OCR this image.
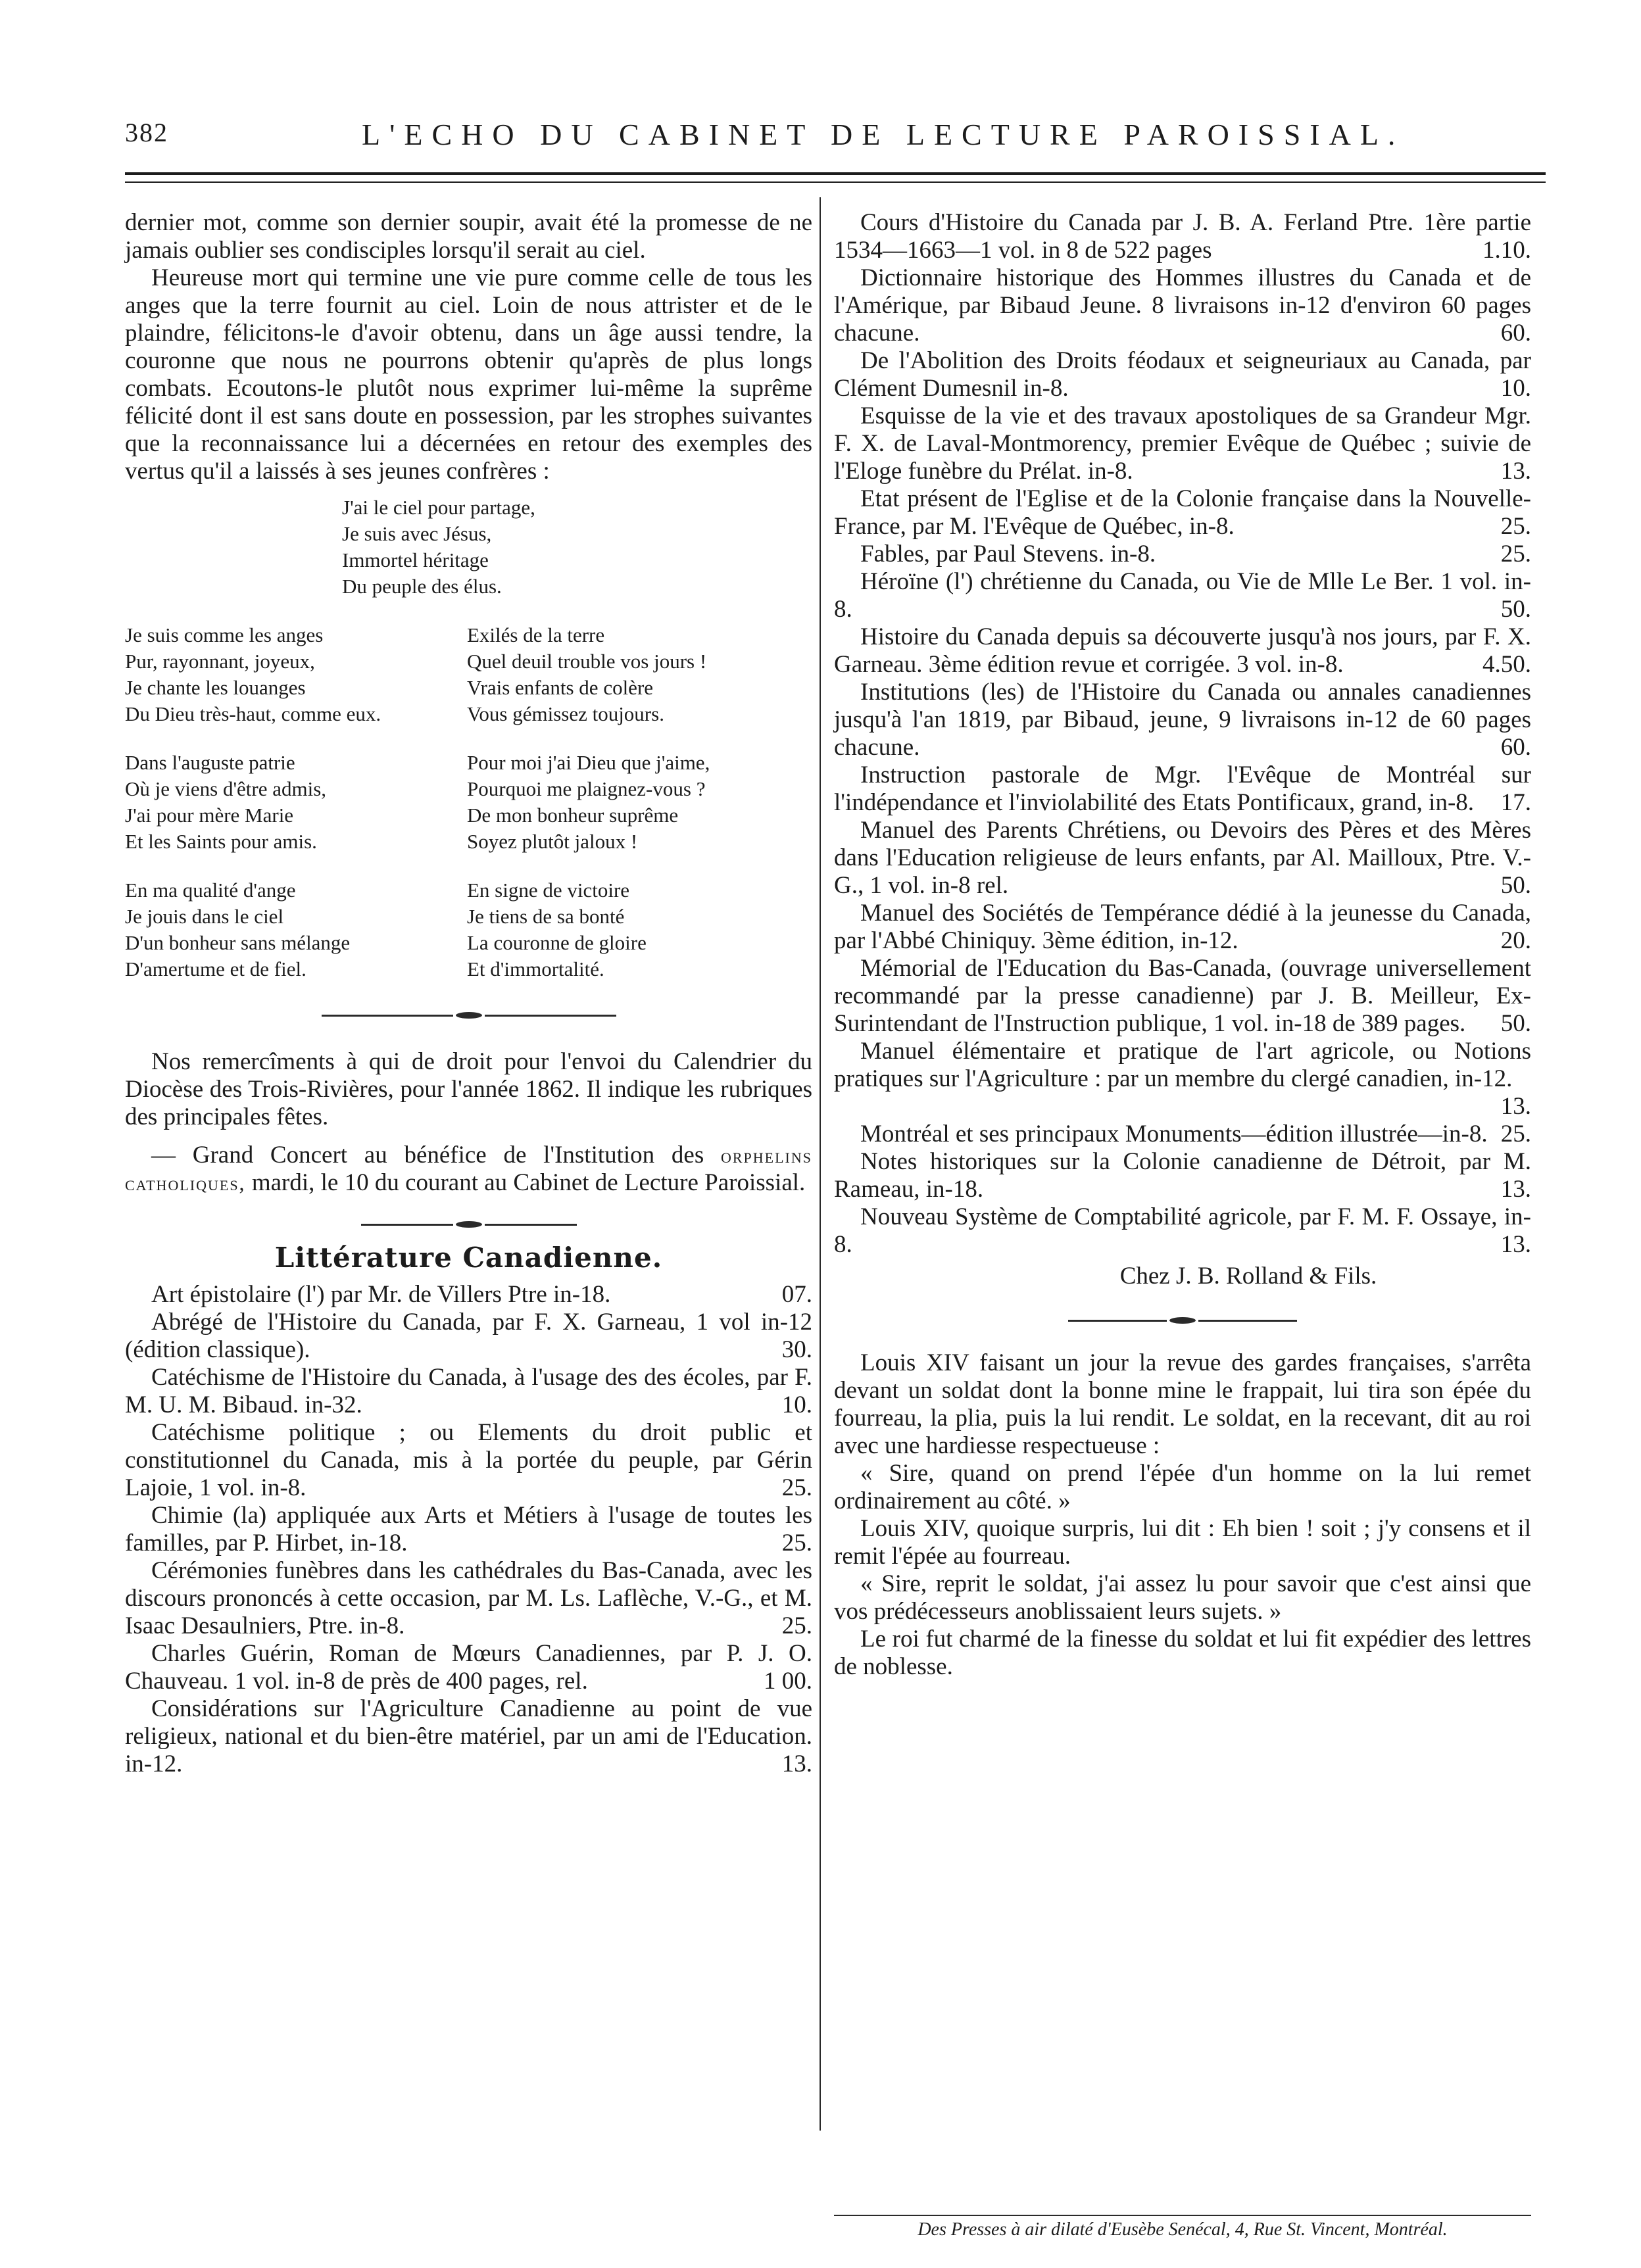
382	L'ECHO DU CABINET DE LECTURE PAROISSIAL.

dernier mot, comme son dernier soupir, avait été la promesse de ne jamais oublier ses condisciples lorsqu'il serait au ciel.

Heureuse mort qui termine une vie pure comme celle de tous les anges que la terre fournit au ciel. Loin de nous attrister et de le plaindre, félicitons-le d'avoir obtenu, dans un âge aussi tendre, la couronne que nous ne pourrons obtenir qu'après de plus longs combats. Ecoutons-le plutôt nous exprimer lui-même la suprême félicité dont il est sans doute en possession, par les strophes suivantes que la reconnaissance lui a décernées en retour des exemples des vertus qu'il a laissés à ses jeunes confrères :

J'ai le ciel pour partage,
Je suis avec Jésus,
Immortel héritage
Du peuple des élus.
Je suis comme les anges
Pur, rayonnant, joyeux,
Je chante les louanges
Du Dieu très-haut, comme eux.
Exilés de la terre
Quel deuil trouble vos jours !
Vrais enfants de colère
Vous gémissez toujours.
Dans l'auguste patrie
Où je viens d'être admis,
J'ai pour mère Marie
Et les Saints pour amis.
Pour moi j'ai Dieu que j'aime,
Pourquoi me plaignez-vous ?
De mon bonheur suprême
Soyez plutôt jaloux !
En ma qualité d'ange
Je jouis dans le ciel
D'un bonheur sans mélange
D'amertume et de fiel.
En signe de victoire
Je tiens de sa bonté
La couronne de gloire
Et d'immortalité.

Nos remercîments à qui de droit pour l'envoi du Calendrier du Diocèse des Trois-Rivières, pour l'année 1862. Il indique les rubriques des principales fêtes.

— Grand Concert au bénéfice de l'Institution des orphelins catholiques, mardi, le 10 du courant au Cabinet de Lecture Paroissial.

Littérature Canadienne.
Art épistolaire (l') par Mr. de Villers Ptre in-18.	07.
Abrégé de l'Histoire du Canada, par F. X. Garneau, 1 vol in-12 (édition classique).	30.
Catéchisme de l'Histoire du Canada, à l'usage des des écoles, par F. M. U. M. Bibaud. in-32.	10.
Catéchisme politique ; ou Elements du droit public et constitutionnel du Canada, mis à la portée du peuple, par Gérin Lajoie, 1 vol. in-8.	25.
Chimie (la) appliquée aux Arts et Métiers à l'usage de toutes les familles, par P. Hirbet, in-18.	25.
Cérémonies funèbres dans les cathédrales du Bas-Canada, avec les discours prononcés à cette occasion, par M. Ls. Laflèche, V.-G., et M. Isaac Desaulniers, Ptre. in-8.	25.
Charles Guérin, Roman de Mœurs Canadiennes, par P. J. O. Chauveau. 1 vol. in-8 de près de 400 pages, rel.	1 00.
Considérations sur l'Agriculture Canadienne au point de vue religieux, national et du bien-être matériel, par un ami de l'Education. in-12.	13.
Cours d'Histoire du Canada par J. B. A. Ferland Ptre. 1ère partie 1534—1663—1 vol. in 8 de 522 pages	1.10.
Dictionnaire historique des Hommes illustres du Canada et de l'Amérique, par Bibaud Jeune. 8 livraisons in-12 d'environ 60 pages chacune.	60.
De l'Abolition des Droits féodaux et seigneuriaux au Canada, par Clément Dumesnil in-8.	10.
Esquisse de la vie et des travaux apostoliques de sa Grandeur Mgr. F. X. de Laval-Montmorency, premier Evêque de Québec ; suivie de l'Eloge funèbre du Prélat. in-8.	13.
Etat présent de l'Eglise et de la Colonie française dans la Nouvelle-France, par M. l'Evêque de Québec, in-8.	25.
Fables, par Paul Stevens. in-8.	25.
Héroïne (l') chrétienne du Canada, ou Vie de Mlle Le Ber. 1 vol. in-8.	50.
Histoire du Canada depuis sa découverte jusqu'à nos jours, par F. X. Garneau. 3ème édition revue et corrigée. 3 vol. in-8.	4.50.
Institutions (les) de l'Histoire du Canada ou annales canadiennes jusqu'à l'an 1819, par Bibaud, jeune, 9 livraisons in-12 de 60 pages chacune.	60.
Instruction pastorale de Mgr. l'Evêque de Montréal sur l'indépendance et l'inviolabilité des Etats Pontificaux, grand, in-8. 17.
Manuel des Parents Chrétiens, ou Devoirs des Pères et des Mères dans l'Education religieuse de leurs enfants, par Al. Mailloux, Ptre. V.-G., 1 vol. in-8 rel.	50.
Manuel des Sociétés de Tempérance dédié à la jeunesse du Canada, par l'Abbé Chiniquy. 3ème édition, in-12.	20.
Mémorial de l'Education du Bas-Canada, (ouvrage universellement recommandé par la presse canadienne) par J. B. Meilleur, Ex-Surintendant de l'Instruction publique, 1 vol. in-18 de 389 pages. 50.
Manuel élémentaire et pratique de l'art agricole, ou Notions pratiques sur l'Agriculture : par un membre du clergé canadien, in-12.
13.
Montréal et ses principaux Monuments—édition illustrée—in-8. 25.
Notes historiques sur la Colonie canadienne de Détroit, par M. Rameau, in-18.	13.
Nouveau Système de Comptabilité agricole, par F. M. F. Ossaye, in-8.	13.
Chez J. B. Rolland & Fils.

Louis XIV faisant un jour la revue des gardes françaises, s'arrêta devant un soldat dont la bonne mine le frappait, lui tira son épée du fourreau, la plia, puis la lui rendit. Le soldat, en la recevant, dit au roi avec une hardiesse respectueuse :

« Sire, quand on prend l'épée d'un homme on la lui remet ordinairement au côté. »

Louis XIV, quoique surpris, lui dit : Eh bien ! soit ; j'y consens et il remit l'épée au fourreau.

« Sire, reprit le soldat, j'ai assez lu pour savoir que c'est ainsi que vos prédécesseurs anoblissaient leurs sujets. »

Le roi fut charmé de la finesse du soldat et lui fit expédier des lettres de noblesse.

Des Presses à air dilaté d'Eusèbe Senécal, 4, Rue St. Vincent, Montréal.
